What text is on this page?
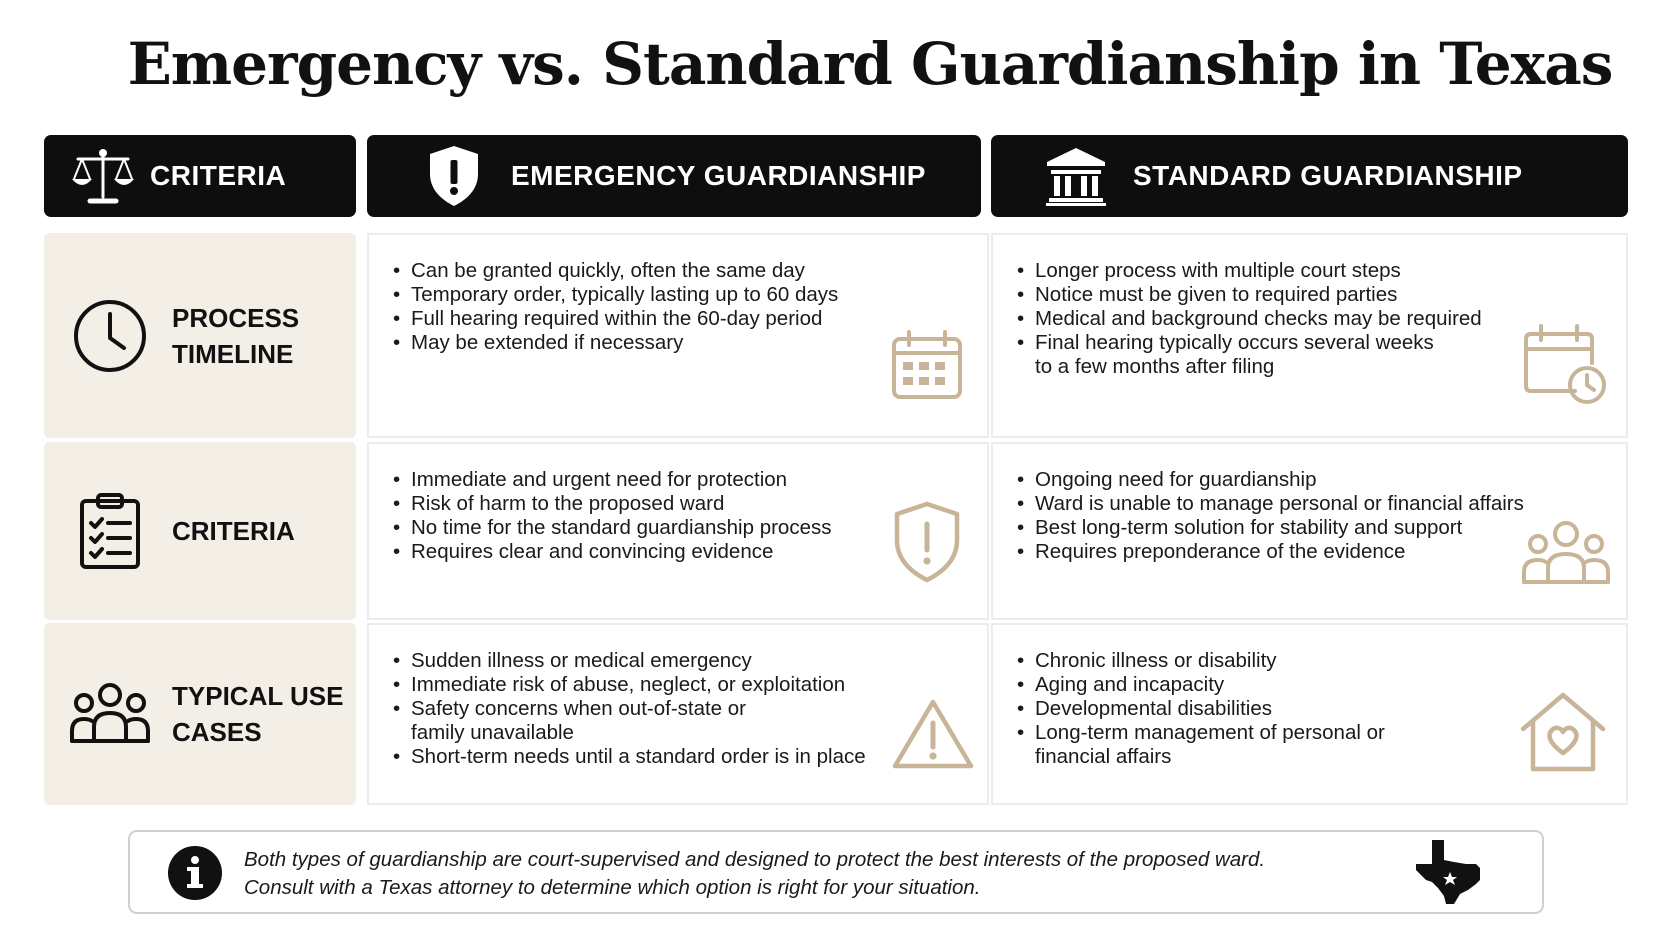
Emergency vs. Standard Guardianship in Texas
CRITERIA	EMERGENCY GUARDIANSHIP	STANDARD GUARDIANSHIP
PROCESS
TIMELINE
• Can be granted quickly, often the same day
• Temporary order, typically lasting up to 60 days
• Full hearing required within the 60-day period
• May be extended if necessary
• Longer process with multiple court steps
• Notice must be given to required parties
• Medical and background checks may be required
• Final hearing typically occurs several weeks
to a few months after filing
CRITERIA
• Immediate and urgent need for protection
• Risk of harm to the proposed ward
• No time for the standard guardianship process
• Requires clear and convincing evidence
• Ongoing need for guardianship
• Ward is unable to manage personal or financial affairs
• Best long-term solution for stability and support
• Requires preponderance of the evidence
TYPICAL USE
CASES
• Sudden illness or medical emergency
• Immediate risk of abuse, neglect, or exploitation
• Safety concerns when out-of-state or
family unavailable
• Short-term needs until a standard order is in place
• Chronic illness or disability
• Aging and incapacity
• Developmental disabilities
• Long-term management of personal or
financial affairs
Both types of guardianship are court-supervised and designed to protect the best interests of the proposed ward.
Consult with a Texas attorney to determine which option is right for your situation.
